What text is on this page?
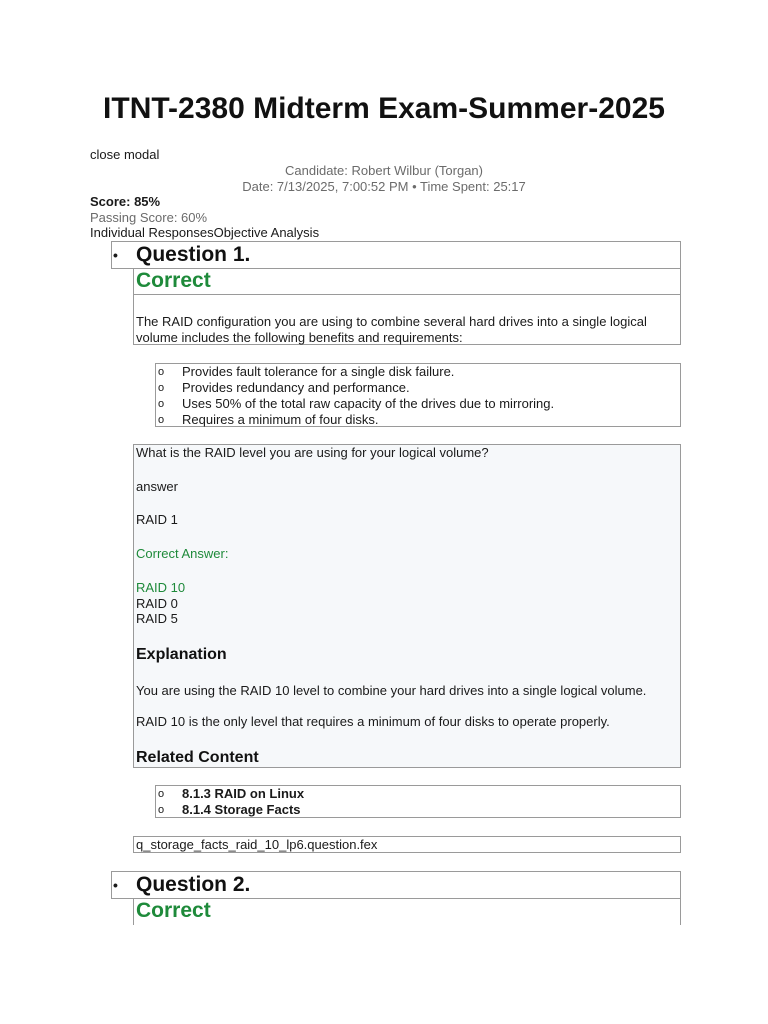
ITNT-2380 Midterm Exam-Summer-2025
close modal
Candidate: Robert Wilbur (Torgan)
Date: 7/13/2025, 7:00:52 PM • Time Spent: 25:17
Score: 85%
Passing Score: 60%
Individual ResponsesObjective Analysis
• Question 1.
Correct
The RAID configuration you are using to combine several hard drives into a single logical volume includes the following benefits and requirements:
o Provides fault tolerance for a single disk failure.
o Provides redundancy and performance.
o Uses 50% of the total raw capacity of the drives due to mirroring.
o Requires a minimum of four disks.
What is the RAID level you are using for your logical volume?
answer
RAID 1
Correct Answer:
RAID 10
RAID 0
RAID 5
Explanation
You are using the RAID 10 level to combine your hard drives into a single logical volume.
RAID 10 is the only level that requires a minimum of four disks to operate properly.
Related Content
o 8.1.3 RAID on Linux
o 8.1.4 Storage Facts
q_storage_facts_raid_10_lp6.question.fex
• Question 2.
Correct
